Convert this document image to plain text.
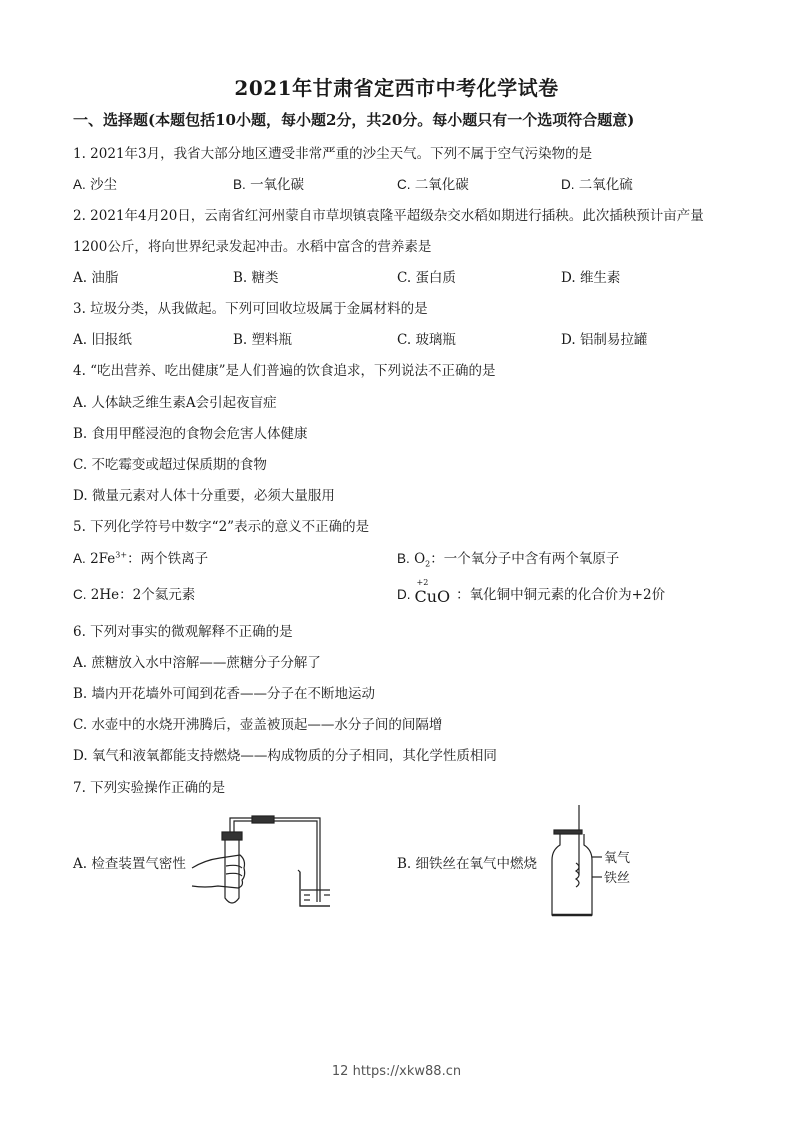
2021年甘肃省定西市中考化学试卷
一、选择题(本题包括10小题，每小题2分，共20分。每小题只有一个选项符合题意)
1. 2021年3月，我省大部分地区遭受非常严重的沙尘天气。下列不属于空气污染物的是
A. 沙尘	B. 一氧化碳	C. 二氧化碳	D. 二氧化硫
2. 2021年4月20日，云南省红河州蒙自市草坝镇袁隆平超级杂交水稻如期进行插秧。此次插秧预计亩产量
1200公斤，将向世界纪录发起冲击。水稻中富含的营养素是
A. 油脂	B. 糖类	C. 蛋白质	D. 维生素
3. 垃圾分类，从我做起。下列可回收垃圾属于金属材料的是
A. 旧报纸	B. 塑料瓶	C. 玻璃瓶	D. 铝制易拉罐
4. “吃出营养、吃出健康”是人们普遍的饮食追求，下列说法不正确的是
A. 人体缺乏维生素A会引起夜盲症
B. 食用甲醛浸泡的食物会危害人体健康
C. 不吃霉变或超过保质期的食物
D. 微量元素对人体十分重要，必须大量服用
5. 下列化学符号中数字“2”表示的意义不正确的是
A. $2Fe^{3+}$：两个铁离子	B. $O_2$：一个氧分子中含有两个氧原子
C. 2He：2个氦元素	D.
+2
CuO ：氧化铜中铜元素的化合价为+2价
6. 下列对事实的微观解释不正确的是
A. 蔗糖放入水中溶解——蔗糖分子分解了
B. 墙内开花墙外可闻到花香——分子在不断地运动
C. 水壶中的水烧开沸腾后，壶盖被顶起——水分子间的间隔增
D. 氧气和液氧都能支持燃烧——构成物质的分子相同，其化学性质相同
7. 下列实验操作正确的是
A. 检查装置气密性	B. 细铁丝在氧气中燃烧	氧气
铁丝
12 https://xkw88.cn
